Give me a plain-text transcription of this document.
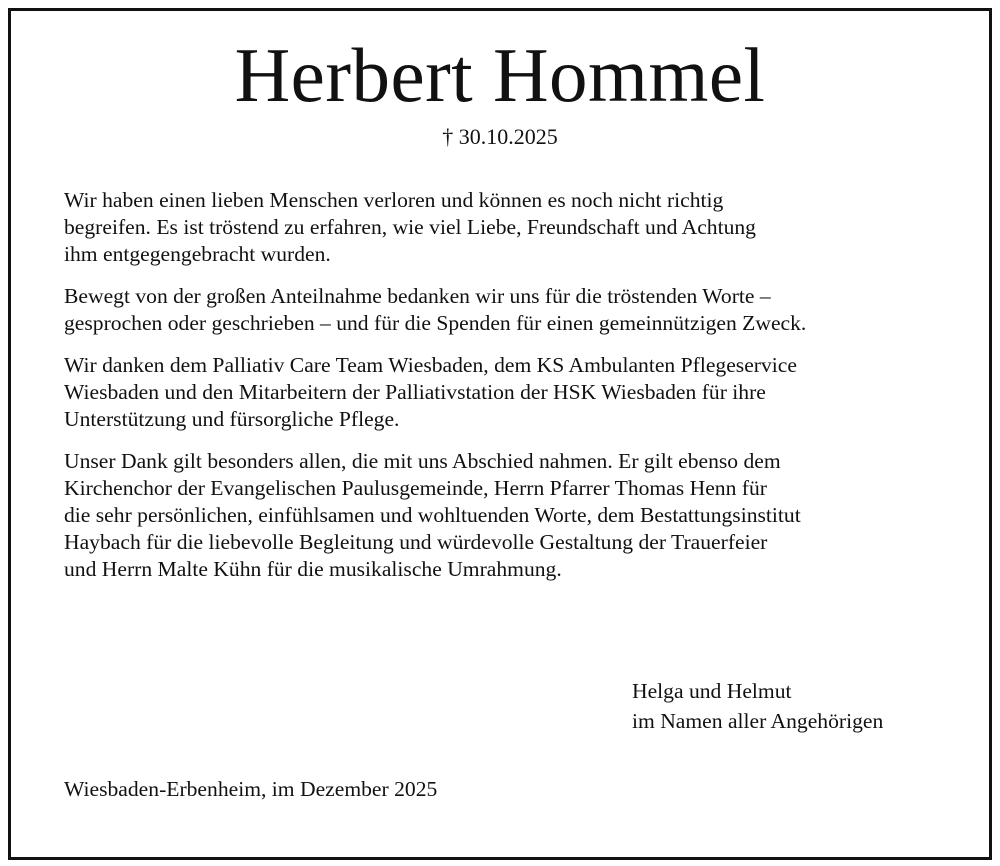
Herbert Hommel
† 30.10.2025

Wir haben einen lieben Menschen verloren und können es noch nicht richtig
begreifen. Es ist tröstend zu erfahren, wie viel Liebe, Freundschaft und Achtung
ihm entgegengebracht wurden.

Bewegt von der großen Anteilnahme bedanken wir uns für die tröstenden Worte –
gesprochen oder geschrieben – und für die Spenden für einen gemeinnützigen Zweck.

Wir danken dem Palliativ Care Team Wiesbaden, dem KS Ambulanten Pflegeservice
Wiesbaden und den Mitarbeitern der Palliativstation der HSK Wiesbaden für ihre
Unterstützung und fürsorgliche Pflege.

Unser Dank gilt besonders allen, die mit uns Abschied nahmen. Er gilt ebenso dem
Kirchenchor der Evangelischen Paulusgemeinde, Herrn Pfarrer Thomas Henn für
die sehr persönlichen, einfühlsamen und wohltuenden Worte, dem Bestattungsinstitut
Haybach für die liebevolle Begleitung und würdevolle Gestaltung der Trauerfeier
und Herrn Malte Kühn für die musikalische Umrahmung.

Helga und Helmut
im Namen aller Angehörigen
Wiesbaden-Erbenheim, im Dezember 2025
